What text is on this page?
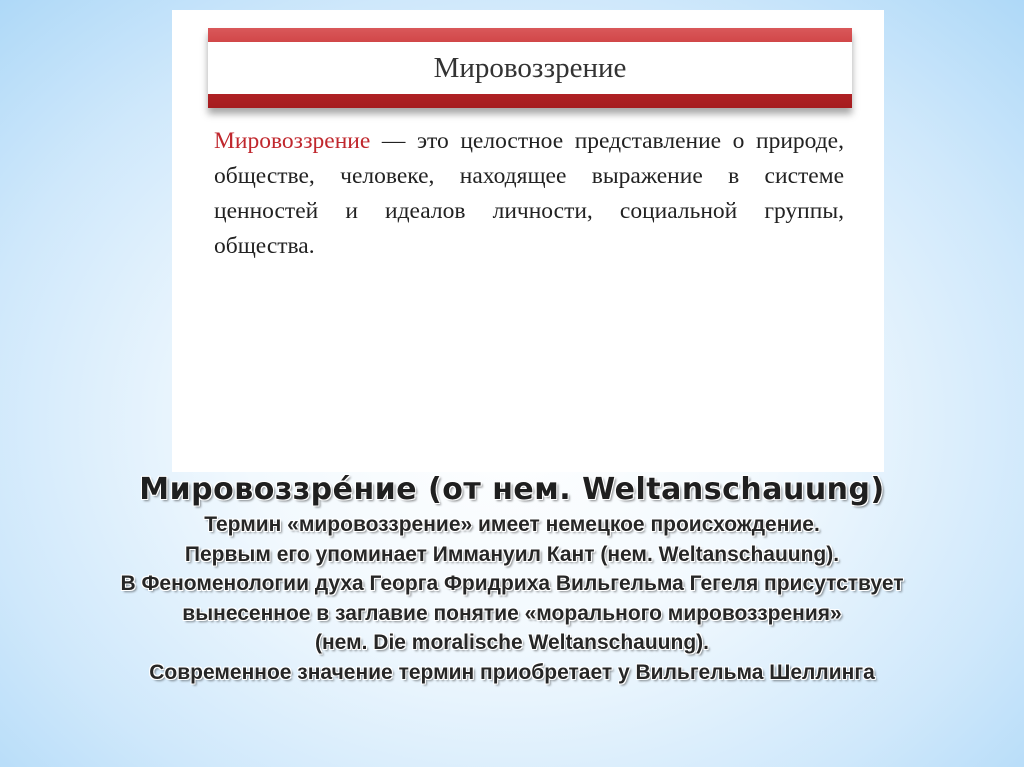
Мировоззрение
Мировоззрение — это целостное представление о природе, обществе, человеке, находящее выражение в системе ценностей и идеалов личности, социальной группы, общества.
Мировоззре́ние (от нем. Weltanschauung)

Термин «мировоззрение» имеет немецкое происхождение.

Первым его упоминает Иммануил Кант (нем. Weltanschauung).

В Феноменологии духа Георга Фридриха Вильгельма Гегеля присутствует

вынесенное в заглавие понятие «морального мировоззрения»

(нем. Die moralische Weltanschauung).

Современное значение термин приобретает у Вильгельма Шеллинга
